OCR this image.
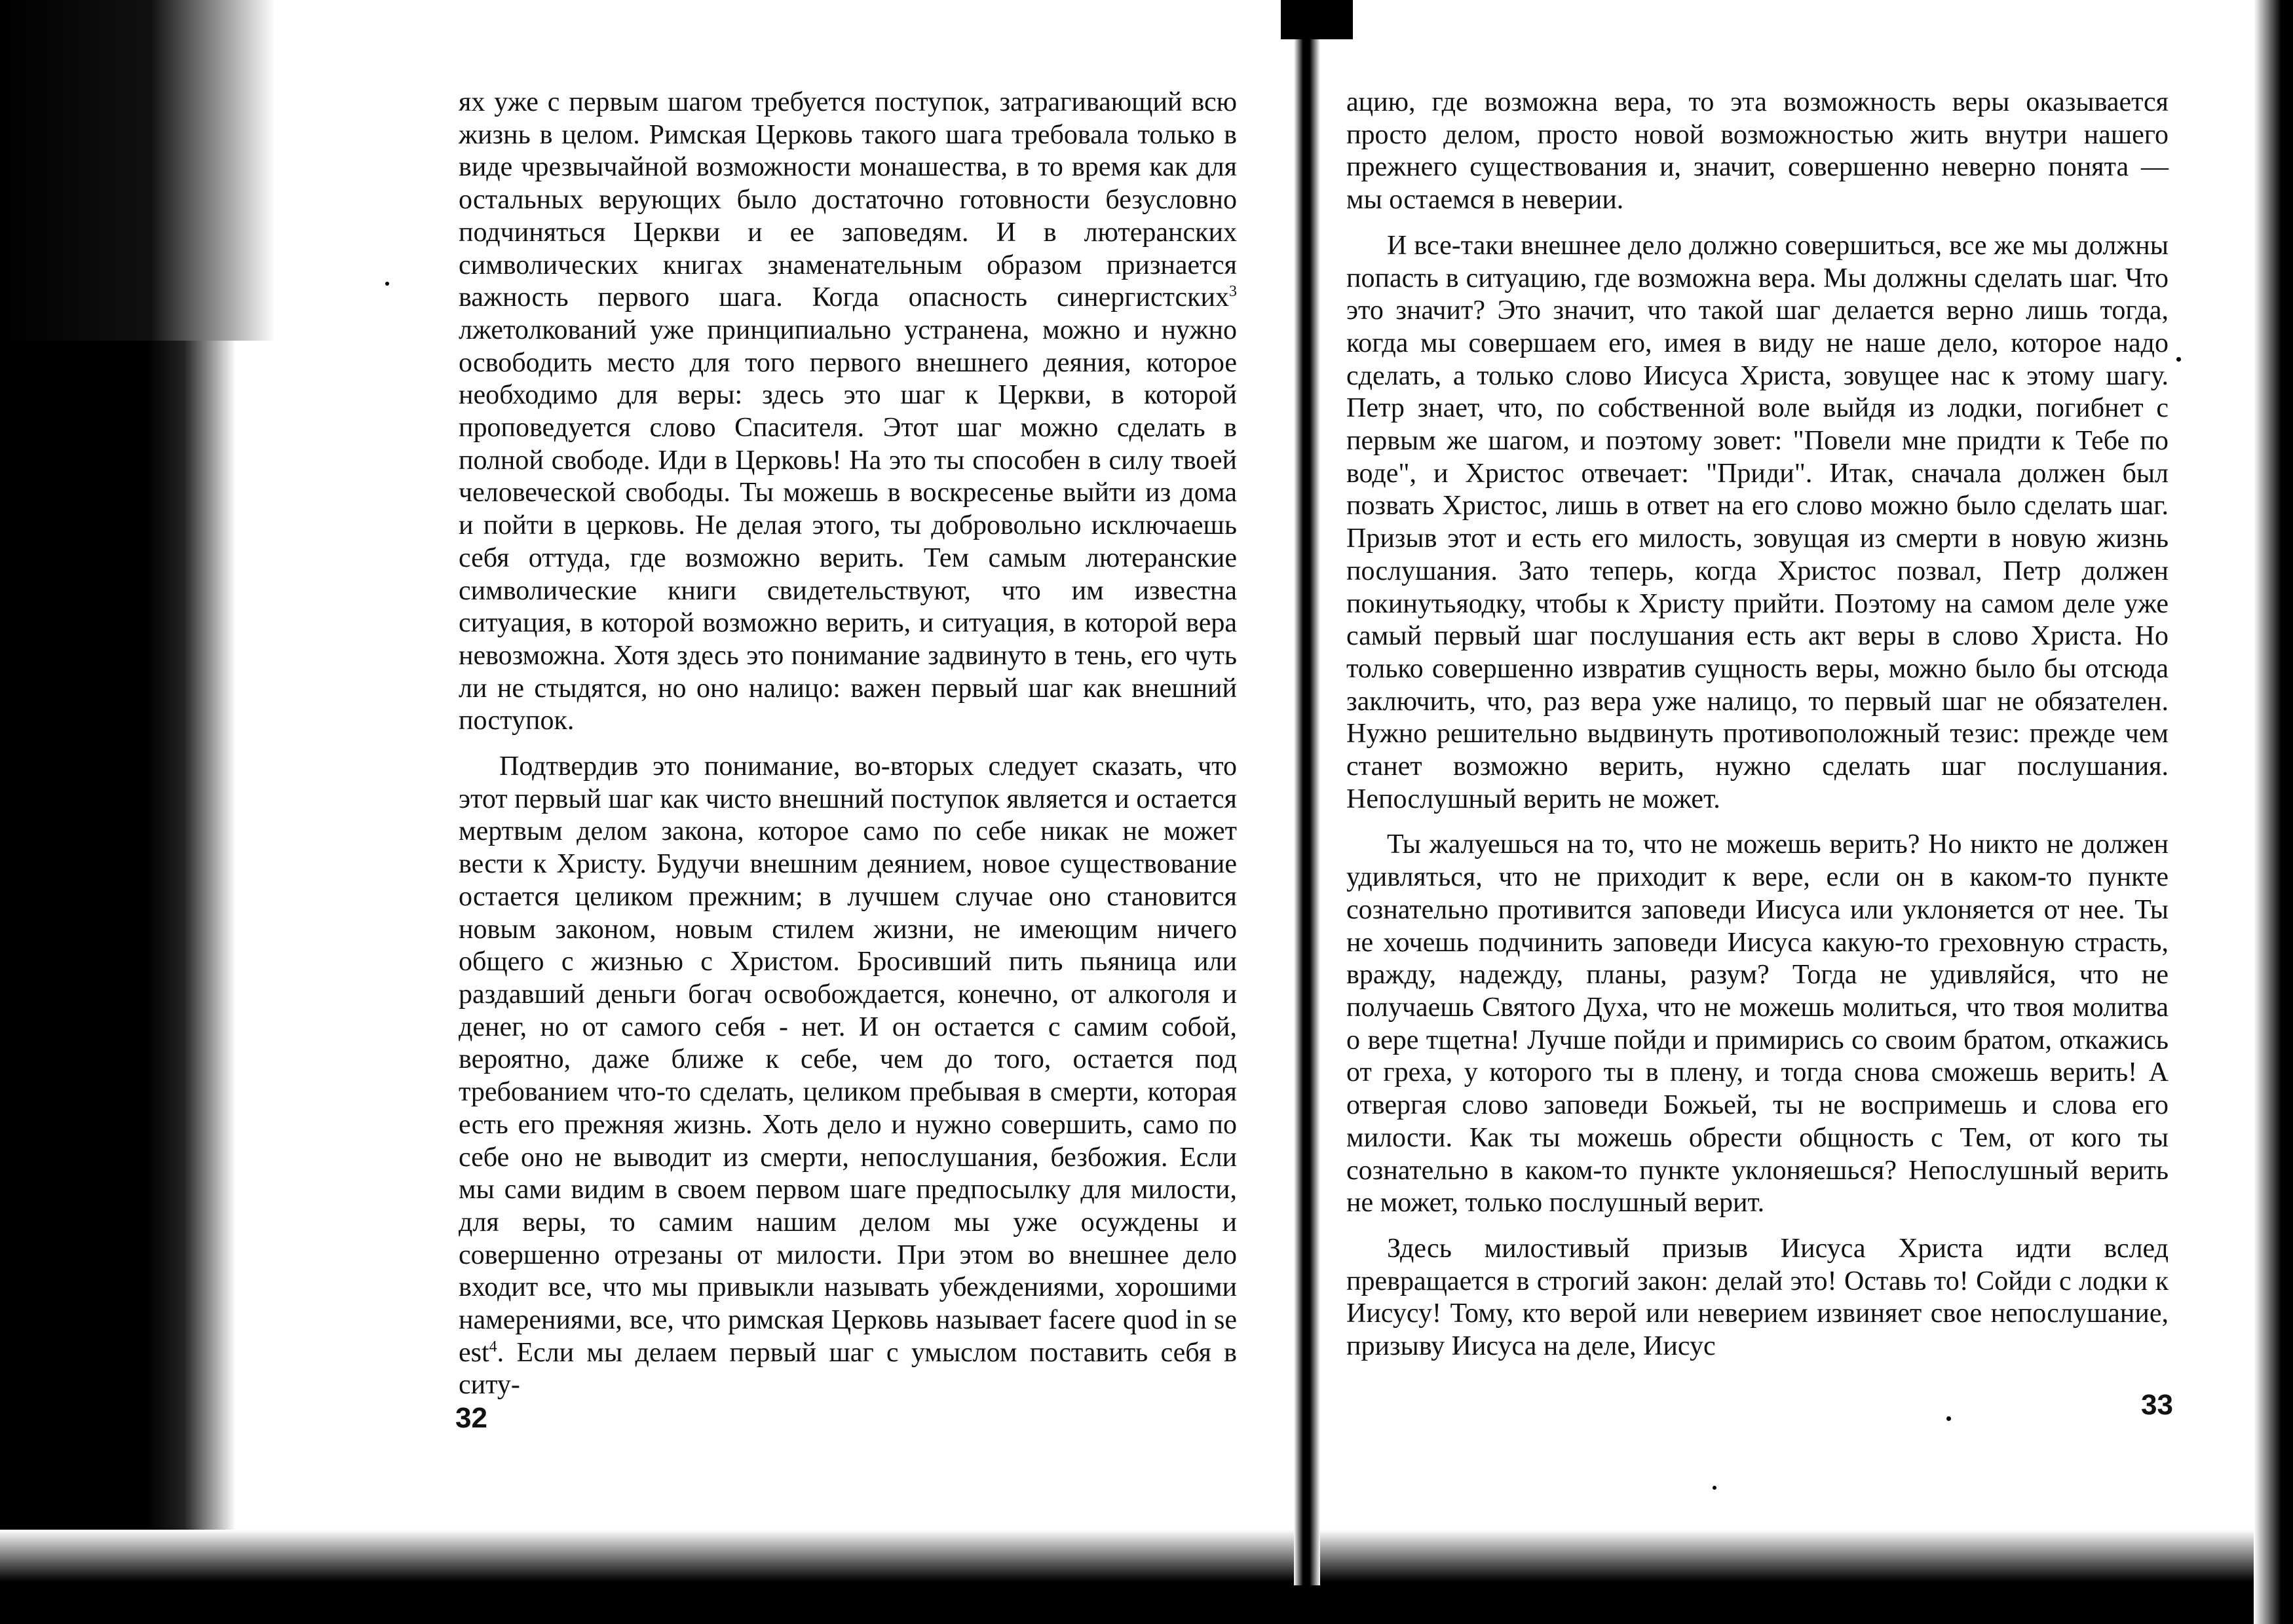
ях уже с первым шагом требуется поступок, затрагивающий всю жизнь в целом. Римская Церковь такого шага требовала только в виде чрезвычайной возможности монашества, в то время как для остальных верующих было достаточно готовности безусловно подчиняться Церкви и ее заповедям. И в лютеранских символических книгах знаменательным образом признается важность первого шага. Когда опасность синергистских$^3$ лжетолкований уже принципиально устранена, можно и нужно освободить место для того первого внешнего деяния, которое необходимо для веры: здесь это шаг к Церкви, в которой проповедуется слово Спасителя. Этот шаг можно сделать в полной свободе. Иди в Церковь! На это ты способен в силу твоей человеческой свободы. Ты можешь в воскресенье выйти из дома и пойти в церковь. Не делая этого, ты добровольно исключаешь себя оттуда, где возможно верить. Тем самым лютеранские символические книги свидетельствуют, что им известна ситуация, в которой возможно верить, и ситуация, в которой вера невозможна. Хотя здесь это понимание задвинуто в тень, его чуть ли не стыдятся, но оно налицо: важен первый шаг как внешний поступок.

Подтвердив это понимание, во-вторых следует сказать, что этот первый шаг как чисто внешний поступок является и остается мертвым делом закона, которое само по себе никак не может вести к Христу. Будучи внешним деянием, новое существование остается целиком прежним; в лучшем случае оно становится новым законом, новым стилем жизни, не имеющим ничего общего с жизнью с Христом. Бросивший пить пьяница или раздавший деньги богач освобождается, конечно, от алкоголя и денег, но от самого себя - нет. И он остается с самим собой, вероятно, даже ближе к себе, чем до того, остается под требованием что-то сделать, целиком пребывая в смерти, которая есть его прежняя жизнь. Хоть дело и нужно совершить, само по себе оно не выводит из смерти, непослушания, безбожия. Если мы сами видим в своем первом шаге предпосылку для милости, для веры, то самим нашим делом мы уже осуждены и совершенно отрезаны от милости. При этом во внешнее дело входит все, что мы привыкли называть убеждениями, хорошими намерениями, все, что римская Церковь называет facere quod in se est$^4$. Если мы делаем первый шаг с умыслом поставить себя в ситу-

32

ацию, где возможна вера, то эта возможность веры оказывается просто делом, просто новой возможностью жить внутри нашего прежнего существования и, значит, совершенно неверно понята — мы остаемся в неверии.

И все-таки внешнее дело должно совершиться, все же мы должны попасть в ситуацию, где возможна вера. Мы должны сделать шаг. Что это значит? Это значит, что такой шаг делается верно лишь тогда, когда мы совершаем его, имея в виду не наше дело, которое надо сделать, а только слово Иисуса Христа, зовущее нас к этому шагу. Петр знает, что, по собственной воле выйдя из лодки, погибнет с первым же шагом, и поэтому зовет: "Повели мне придти к Тебе по воде", и Христос отвечает: "Приди". Итак, сначала должен был позвать Христос, лишь в ответ на его слово можно было сделать шаг. Призыв этот и есть его милость, зовущая из смерти в новую жизнь послушания. Зато теперь, когда Христос позвал, Петр должен покинутьяодку, чтобы к Христу прийти. Поэтому на самом деле уже самый первый шаг послушания есть акт веры в слово Христа. Но только совершенно извратив сущность веры, можно было бы отсюда заключить, что, раз вера уже налицо, то первый шаг не обязателен. Нужно решительно выдвинуть противоположный тезис: прежде чем станет возможно верить, нужно сделать шаг послушания. Непослушный верить не может.

Ты жалуешься на то, что не можешь верить? Но никто не должен удивляться, что не приходит к вере, если он в каком-то пункте сознательно противится заповеди Иисуса или уклоняется от нее. Ты не хочешь подчинить заповеди Иисуса какую-то греховную страсть, вражду, надежду, планы, разум? Тогда не удивляйся, что не получаешь Святого Духа, что не можешь молиться, что твоя молитва о вере тщетна! Лучше пойди и примирись со своим братом, откажись от греха, у которого ты в плену, и тогда снова сможешь верить! А отвергая слово заповеди Божьей, ты не воспримешь и слова его милости. Как ты можешь обрести общность с Тем, от кого ты сознательно в каком-то пункте уклоняешься? Непослушный верить не может, только послушный верит.

Здесь милостивый призыв Иисуса Христа идти вслед превращается в строгий закон: делай это! Оставь то! Сойди с лодки к Иисусу! Тому, кто верой или неверием извиняет свое непослушание, призыву Иисуса на деле, Иисус

33
